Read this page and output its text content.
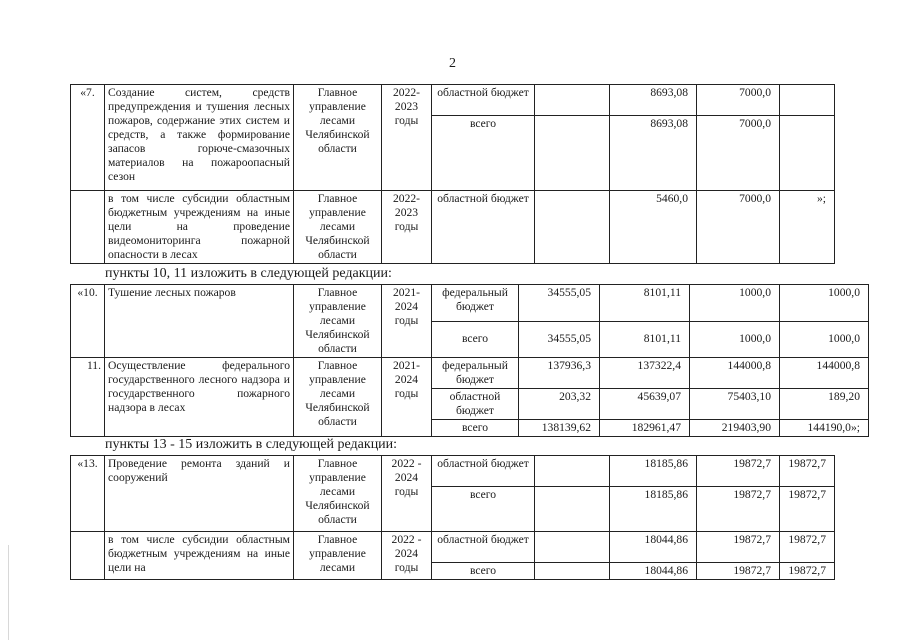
2
«7.	Создание систем, средств предупреждения и тушения лесных пожаров, содержание этих систем и средств, а также формирование запасов горюче-смазочных материалов на пожароопасный сезон	Главное управление лесами Челябинской области	2022-2023 годы	областной бюджет		8693,08	7000,0	
				всего		8693,08	7000,0	
	в том числе субсидии областным бюджетным учреждениям на иные цели на проведение видеомониторинга пожарной опасности в лесах	Главное управление лесами Челябинской области	2022-2023 годы	областной бюджет		5460,0	7000,0	»;
пункты 10, 11 изложить в следующей редакции:
«10.	Тушение лесных пожаров	Главное управление лесами Челябинской области	2021-2024 годы	федеральный бюджет	34555,05	8101,11	1000,0	1000,0
				всего	34555,05	8101,11	1000,0	1000,0
11.	Осуществление федерального государственного лесного надзора и государственного пожарного надзора в лесах	Главное управление лесами Челябинской области	2021-2024 годы	федеральный бюджет	137936,3	137322,4	144000,8	144000,8
				областной бюджет	203,32	45639,07	75403,10	189,20
				всего	138139,62	182961,47	219403,90	144190,0»;
пункты 13 - 15 изложить в следующей редакции:
«13.	Проведение ремонта зданий и сооружений	Главное управление лесами Челябинской области	2022 - 2024 годы	областной бюджет		18185,86	19872,7	19872,7
				всего		18185,86	19872,7	19872,7
	в том числе субсидии областным бюджетным учреждениям на иные цели на	Главное управление лесами	2022 - 2024 годы	областной бюджет		18044,86	19872,7	19872,7
				всего		18044,86	19872,7	19872,7
